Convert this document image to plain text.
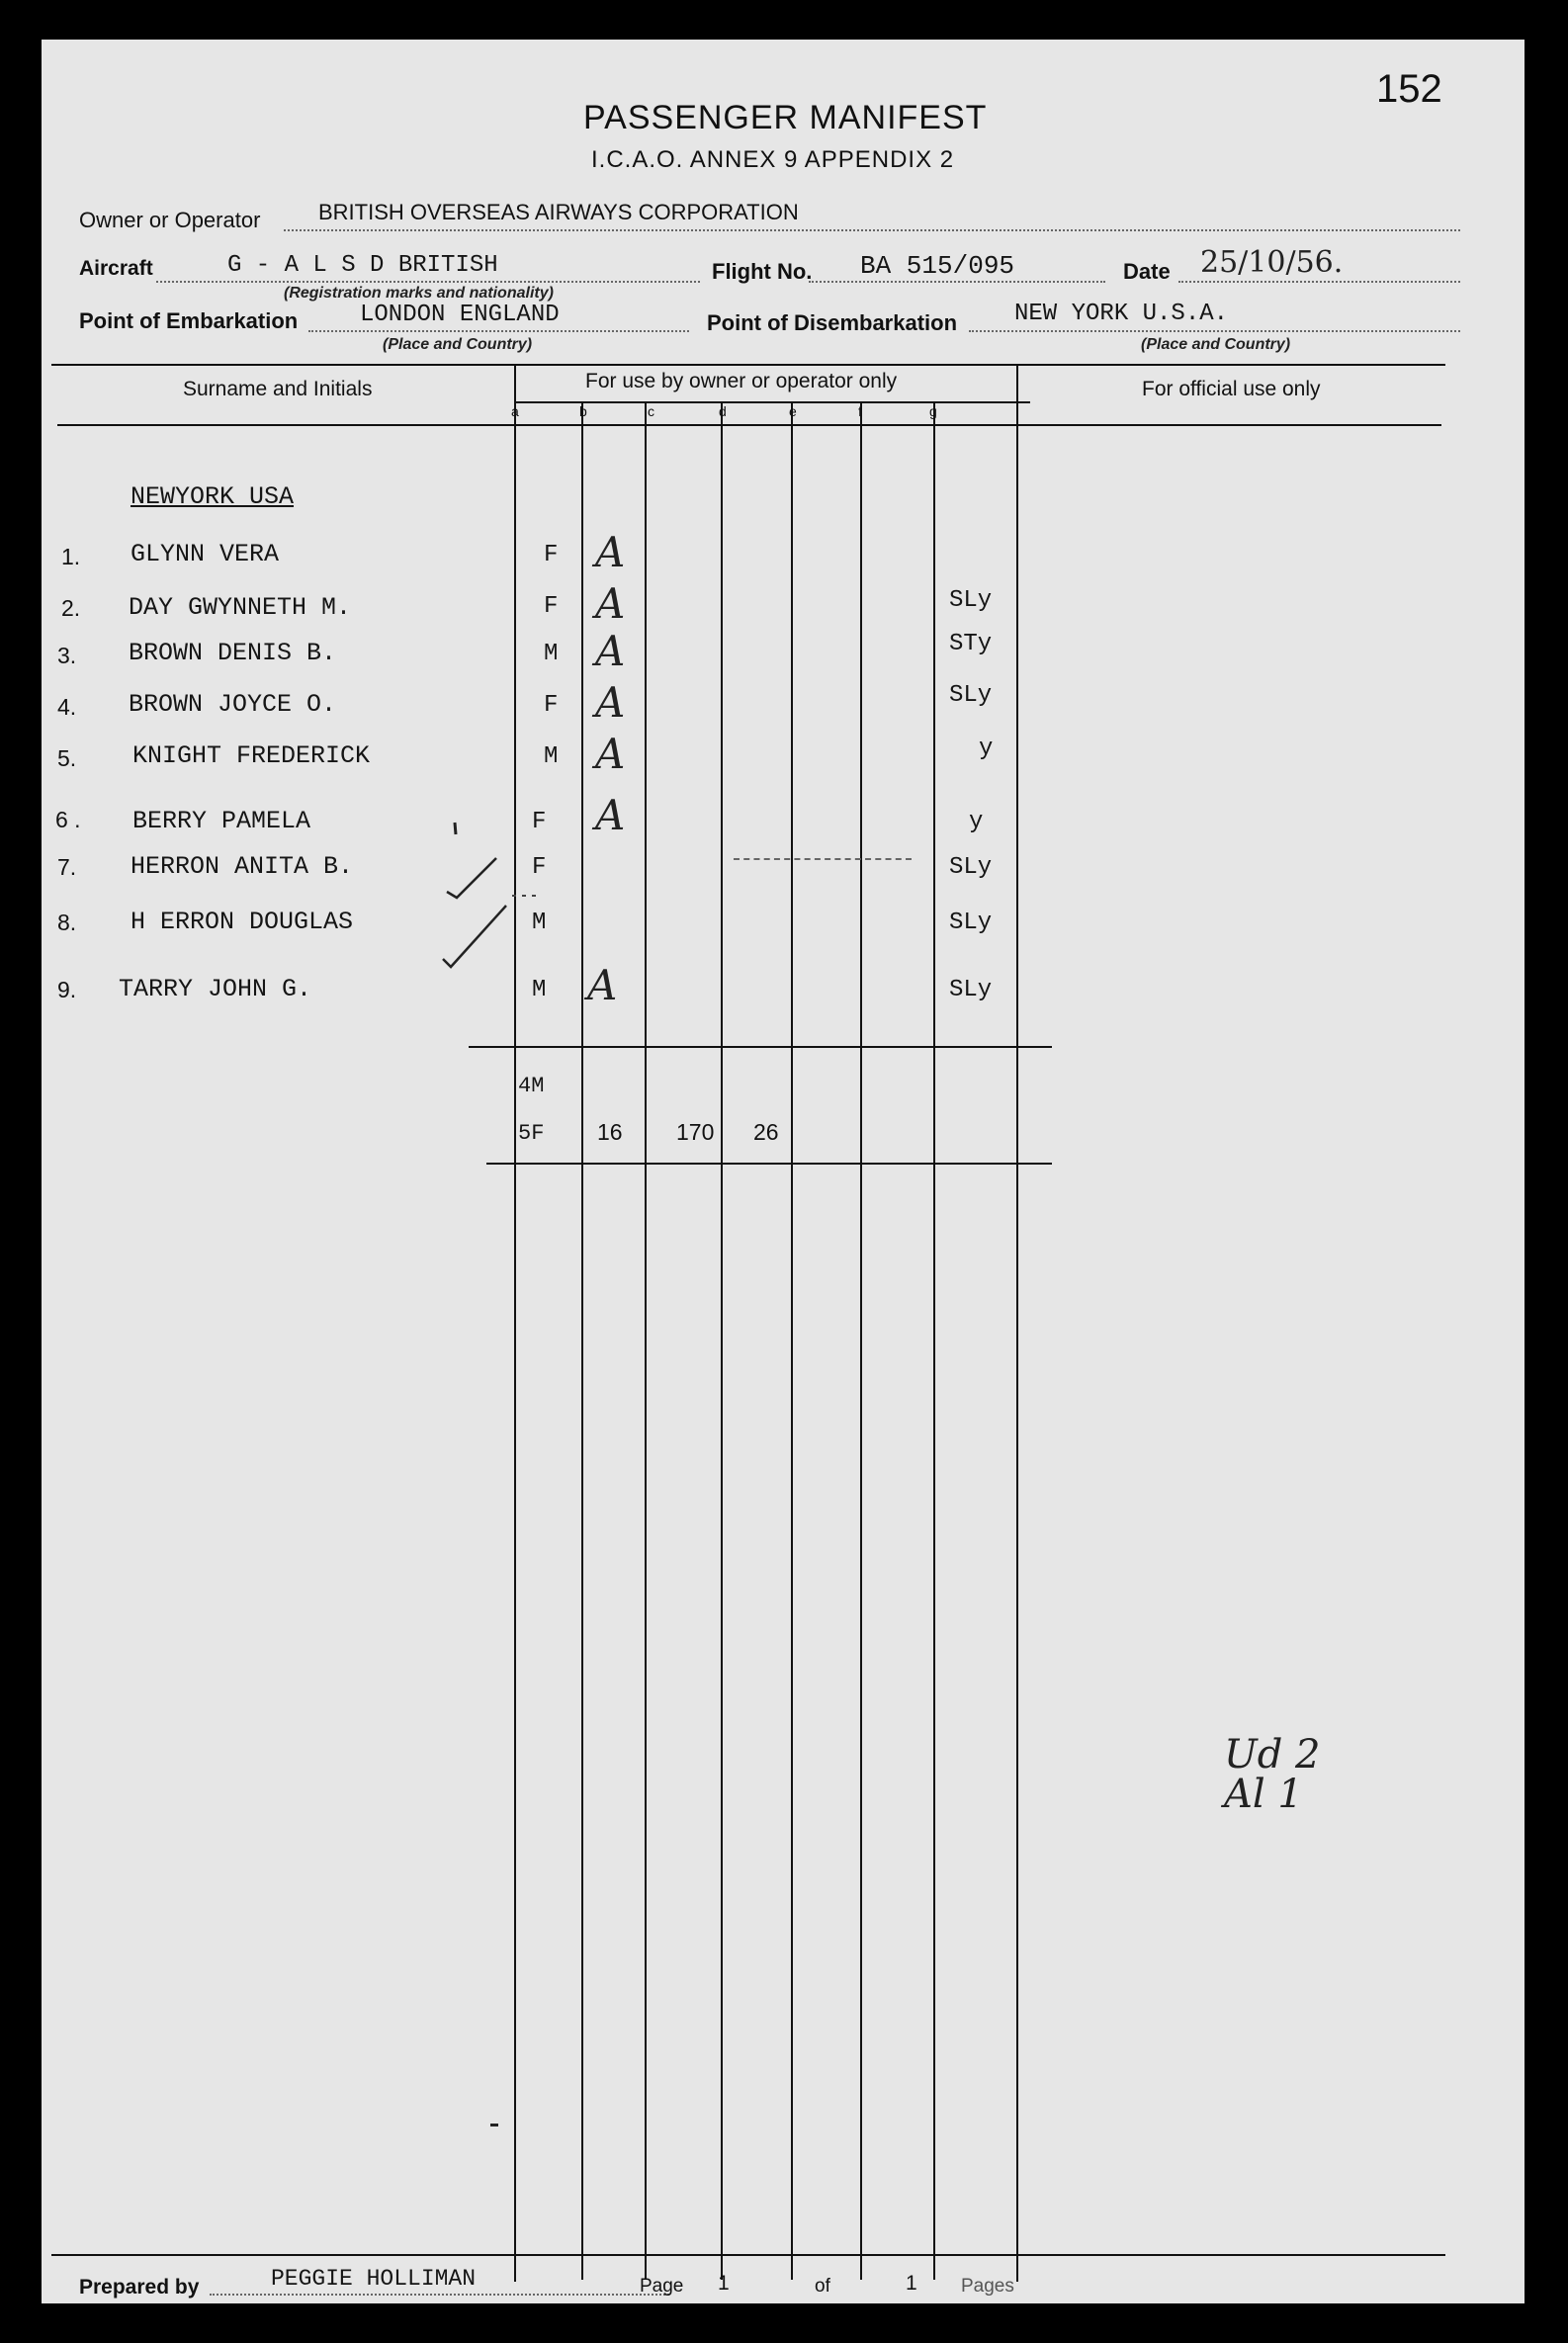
152
PASSENGER MANIFEST
I.C.A.O. ANNEX 9 APPENDIX 2
Owner or Operator	BRITISH OVERSEAS AIRWAYS CORPORATION
Aircraft	G - A L S D BRITISH
(Registration marks and nationality)
Flight No. BA 515/095	Date 25/10/56.
Point of Embarkation	LONDON ENGLAND
(Place and Country)
Point of Disembarkation NEW YORK U.S.A.
(Place and Country)
Surname and Initials	For use by owner or operator only	For official use only
a	b	c	d	e	f	g
NEWYORK USA
1. GLYNN VERA	F A
2. DAY GWYNNETH M.	F A	SLy
3. BROWN DENIS B.	M A	STy
4. BROWN JOYCE O.	F A	SLy
5. KNIGHT FREDERICK	M A	y
6 . BERRY PAMELA	F A	y
7. HERRON ANITA B.	F	SLy
8. H ERRON DOUGLAS	M	SLy
9. TARRY JOHN G.	M A	SLy
4M
5F 16 170 26
Ud 2
Al 1
Prepared by	PEGGIE HOLLIMAN	Page 1	of	1 Pages
